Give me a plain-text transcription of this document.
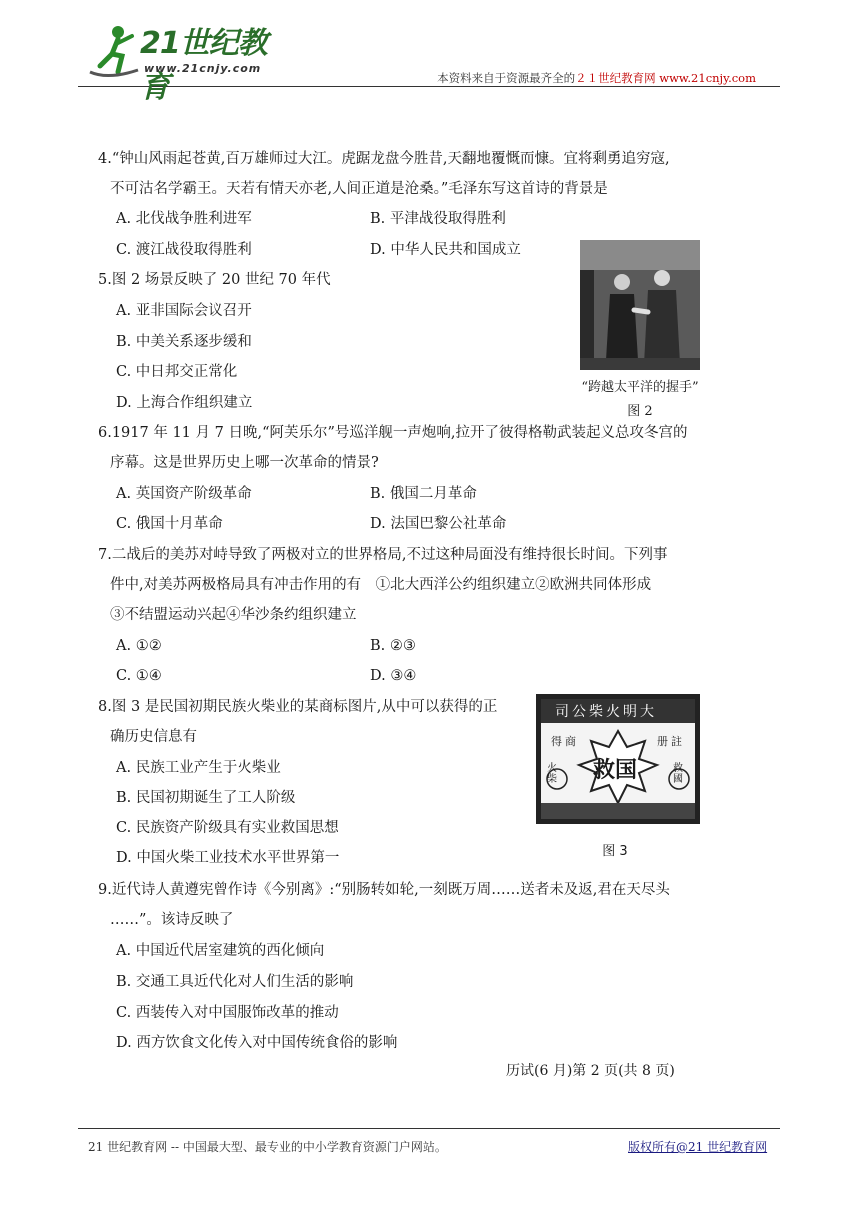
21世纪教育
www.21cnjy.com
本资料来自于资源最齐全的２１世纪教育网 www.21cnjy.com
4.“钟山风雨起苍黄,百万雄师过大江。虎踞龙盘今胜昔,天翻地覆慨而慷。宜将剩勇追穷寇,
不可沽名学霸王。天若有情天亦老,人间正道是沧桑。”毛泽东写这首诗的背景是
A. 北伐战争胜利进军	B. 平津战役取得胜利
C. 渡江战役取得胜利	D. 中华人民共和国成立
5.图 2 场景反映了 20 世纪 70 年代
A. 亚非国际会议召开
B. 中美关系逐步缓和
C. 中日邦交正常化
D. 上海合作组织建立
“跨越太平洋的握手”
图 2
6.1917 年 11 月 7 日晚,“阿芙乐尔”号巡洋舰一声炮响,拉开了彼得格勒武装起义总攻冬宫的
序幕。这是世界历史上哪一次革命的情景?
A. 英国资产阶级革命	B. 俄国二月革命
C. 俄国十月革命	D. 法国巴黎公社革命
7.二战后的美苏对峙导致了两极对立的世界格局,不过这种局面没有维持很长时间。下列事
件中,对美苏两极格局具有冲击作用的有　①北大西洋公约组织建立②欧洲共同体形成
③不结盟运动兴起④华沙条约组织建立
A. ①②	B. ②③
C. ①④	D. ③④
8.图 3 是民国初期民族火柴业的某商标图片,从中可以获得的正
确历史信息有
A. 民族工业产生于火柴业
B. 民国初期诞生了工人阶级
C. 民族资产阶级具有实业救国思想
D. 中国火柴工业技术水平世界第一
司公柴火明大
得 商	册 註
救国
火柴
救國
图 3
9.近代诗人黄遵宪曾作诗《今别离》:“别肠转如轮,一刻既万周……送者未及返,君在天尽头
……”。该诗反映了
A. 中国近代居室建筑的西化倾向
B. 交通工具近代化对人们生活的影响
C. 西装传入对中国服饰改革的推动
D. 西方饮食文化传入对中国传统食俗的影响
历试(6 月)第 2 页(共 8 页)
21 世纪教育网 -- 中国最大型、最专业的中小学教育资源门户网站。	版权所有@21 世纪教育网
